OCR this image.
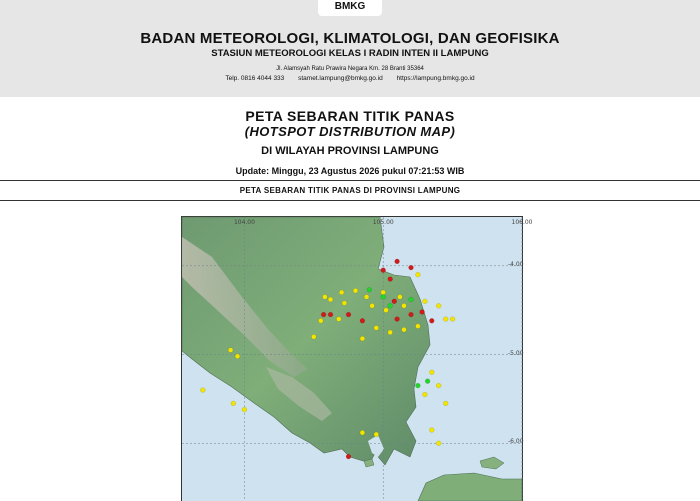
BMKG
BADAN METEOROLOGI, KLIMATOLOGI, DAN GEOFISIKA
STASIUN METEOROLOGI KELAS I RADIN INTEN II LAMPUNG
Jl. Alamsyah Ratu Prawira Negara Km. 28 Branti 35364
Telp. 0816 4044 333 stamet.lampung@bmkg.go.id https://lampung.bmkg.go.id
PETA SEBARAN TITIK PANAS
(HOTSPOT DISTRIBUTION MAP)
DI WILAYAH PROVINSI LAMPUNG
Update: Minggu, 23 Agustus 2026 pukul 07:21:53 WIB
PETA SEBARAN TITIK PANAS DI PROVINSI LAMPUNG
104.00	105.00	106.00
-4.00
-5.00
-6.00
